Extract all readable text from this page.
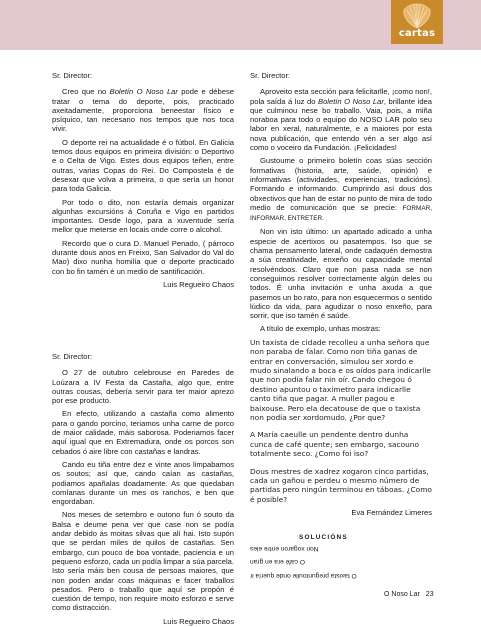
cartas

Sr. Director:

Creo que no Boletín O Noso Lar pode e débese tratar o tema do deporte, pois, practicado axeitadamente, proporciona beneestar físico e psíquico, tan necesario nos tempos que nos toca vivir.

O deporte rei na actualidade é o fútbol. En Galicia temos dous equipos en primeira división: o Deportivo e o Celta de Vigo. Estes dous equipos teñen, entre outras, varias Copas do Rei. Do Compostela é de desexar que volva a primeira, o que sería un honor para toda Galicia.

Por todo o dito, non estaría demais organizar algunhas excursións á Coruña e Vigo en partidos importantes. Desde logo, para a xuventude sería mellor que meterse en locais onde corre o alcohol.

Recordo que o cura D. Manuel Penado, ( párroco durante dous anos en Freixo, San Salvador do Val do Mao) dixo nunha homilía que o deporte practicado con bo fin tamén é un medio de santificación.

Luis Regueiro Chaos

Sr. Director:

O 27 de outubro celebrouse en Paredes de Loúzara a IV Festa da Castaña, algo que, entre outras cousas, debería servir para ter maior aprezo por ese producto.

En efecto, utilizando a castaña como alimento para o gando porcino, teriamos unha carne de porco de maior calidade, máis saborosa. Poderiamos facer aquí igual que en Extremadura, onde os porcos son cebados ó aire libre con castañas e landras.

Cando eu tiña entre dez e vinte anos limpabamos os soutos; así que, cando caían as castañas, podiamos apañalas doadamente. As que quedaban comíanas durante un mes os ranchos, e ben que engordaban.

Nos meses de setembro e outono fun ó souto da Balsa e deume pena ver que case non se podía andar debido ás moitas silvas que alí hai. Isto supón que se perdan miles de quilos de castañas. Sen embargo, cun pouco de boa vontade, paciencia e un pequeno esforzo, cada un podía limpar a súa parcela. Isto sería máis ben cousa de persoas maiores, que non poden andar coas máquinas e facer traballos pesados. Pero o traballo que aquí se propón é cuestión de tempo, non require moito esforzo e serve como distracción.

Luis Regueiro Chaos

Sr. Director:

Aproveito esta sección para felicitarlle, ¡como non!, pola saída á luz do Boletín O Noso Lar, brillante idea que culminou nese bo traballo. Vaia, pois, a miña noraboa para todo o equipo do NOSO LAR polo seu labor en xeral, naturalmente, e a maiores por esta nova publicación, que entendo vén a ser algo así como o voceiro da Fundación. ¡Felicidades!

Gustoume o primeiro boletín coas súas sección formativas (historia, arte, saúde, opinión) e informativas (actividades, experiencias, tradicións). Formando e informando. Cumprindo así dous dos obxectivos que han de estar no punto de mira de todo medio de comunicación que se precie: FORMAR, INFORMAR, ENTRETER.

Non vin isto último: un apartado adicado a unha especie de acertixos ou pasatempos. Iso que se chama pensamento lateral, onde cadaquén demostra a súa creatividade, enxeño ou capacidade mental resolvéndoos. Claro que non pasa nada se non conseguimos resolver correctamente algún deles ou todos. É unha invitación e unha axuda a que pasemos un bo rato, para non esquecermos o sentido lúdico da vida, para agudizar o noso enxeño, para sorrir, que iso tamén é saúde.

A título de exemplo, unhas mostras:

Un taxista de cidade recolleu a unha señora que non paraba de falar. Como non tiña ganas de entrar en conversación, simulou ser xordo e mudo sinalando a boca e os oídos para indicarlle que non podía falar nin oír. Cando chegou ó destino apuntou o taxímetro para indicarlle canto tiña que pagar. A muller pagou e baixouse. Pero ela decatouse de que o taxista non podía ser xordomudo. ¿Por que?

A María caeulle un pendente dentro dunha cunca de café quente; sen embargo, sacouno totalmente seco. ¿Como foi iso?

Dous mestres de xadrez xogaron cinco partidas, cada un gañou e perdeu o mesmo número de partidas pero ningún terminou en táboas. ¿Como é posible?

Eva Fernández Limeres

SOLUCIÓNS
Non xogaron entre eles
O café era en gran
O taxista preguntoulle onde quería ir
O Noso Lar 23
